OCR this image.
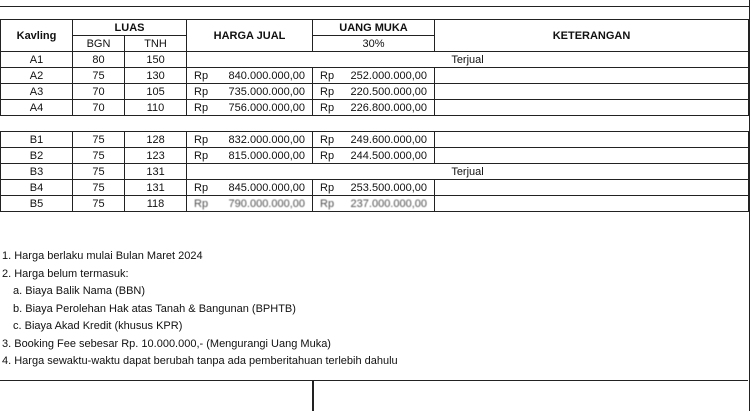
Kavling	LUAS		HARGA JUAL	UANG MUKA	KETERANGAN
	BGN	TNH		30%	
A1	80	150	Terjual		
A2	75	130	Rp 840.000.000,00	Rp 252.000.000,00	

A3	70	105	Rp 735.000.000,00	Rp 220.500.000,00	

A4	70	110	Rp 756.000.000,00	Rp 226.800.000,00	

B1	75	128	Rp 832.000.000,00	Rp 249.600.000,00	

B2	75	123	Rp 815.000.000,00	Rp 244.500.000,00	

B3	75	131	Terjual		
B4	75	131	Rp 845.000.000,00	Rp 253.500.000,00	

B5	75	118	Rp 790.000.000,00	Rp 237.000.000,00	

1. Harga berlaku mulai Bulan Maret 2024
2. Harga belum termasuk:
a. Biaya Balik Nama (BBN)
b. Biaya Perolehan Hak atas Tanah & Bangunan (BPHTB)
c. Biaya Akad Kredit (khusus KPR)
3. Booking Fee sebesar Rp. 10.000.000,- (Mengurangi Uang Muka)
4. Harga sewaktu-waktu dapat berubah tanpa ada pemberitahuan terlebih dahulu
